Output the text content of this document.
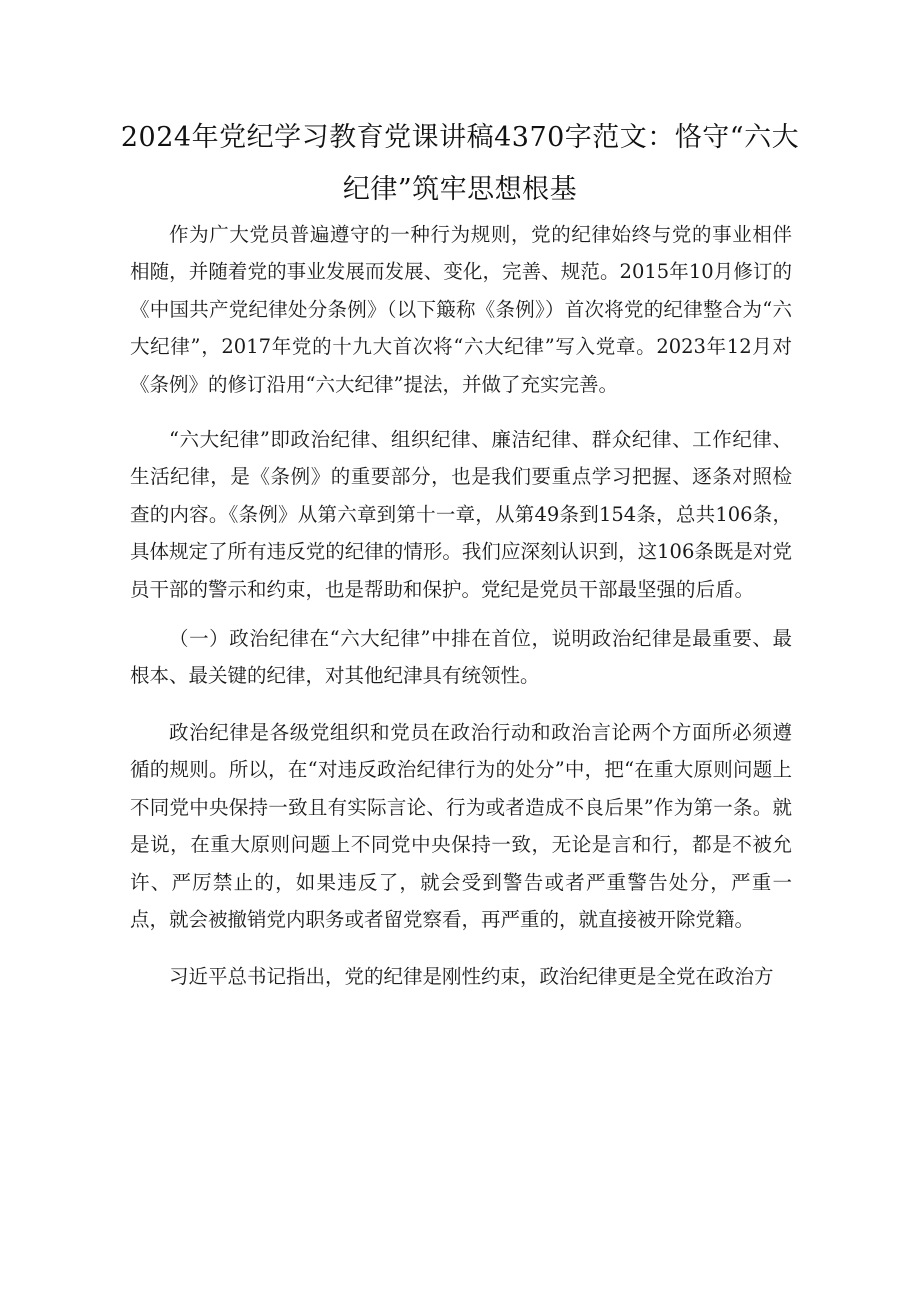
2024年党纪学习教育党课讲稿4370字范文：恪守“六大纪律”筑牢思想根基

作为广大党员普遍遵守的一种行为规则，党的纪律始终与党的事业相伴相随，并随着党的事业发展而发展、变化，完善、规范。2015年10月修订的《中国共产党纪律处分条例》（以下簸称《条例》）首次将党的纪律整合为“六大纪律”，2017年党的十九大首次将“六大纪律”写入党章。2023年12月对《条例》的修订沿用“六大纪律”提法，并做了充实完善。

“六大纪律”即政治纪律、组织纪律、廉洁纪律、群众纪律、工作纪律、生活纪律，是《条例》的重要部分，也是我们要重点学习把握、逐条对照检查的内容。《条例》从第六章到第十一章，从第49条到154条，总共106条，具体规定了所有违反党的纪律的情形。我们应深刻认识到，这106条既是对党员干部的警示和约束，也是帮助和保护。党纪是党员干部最坚强的后盾。

（一）政治纪律在“六大纪律”中排在首位，说明政治纪律是最重要、最根本、最关键的纪律，对其他纪津具有统领性。

政治纪律是各级党组织和党员在政治行动和政治言论两个方面所必须遵循的规则。所以，在“对违反政治纪律行为的处分”中，把“在重大原则问题上不同党中央保持一致且有实际言论、行为或者造成不良后果”作为第一条。就是说，在重大原则问题上不同党中央保持一致，无论是言和行，都是不被允许、严厉禁止的，如果违反了，就会受到警告或者严重警告处分，严重一点，就会被撤销党内职务或者留党察看，再严重的，就直接被开除党籍。

习近平总书记指出，党的纪律是刚性约束，政治纪律更是全党在政治方
